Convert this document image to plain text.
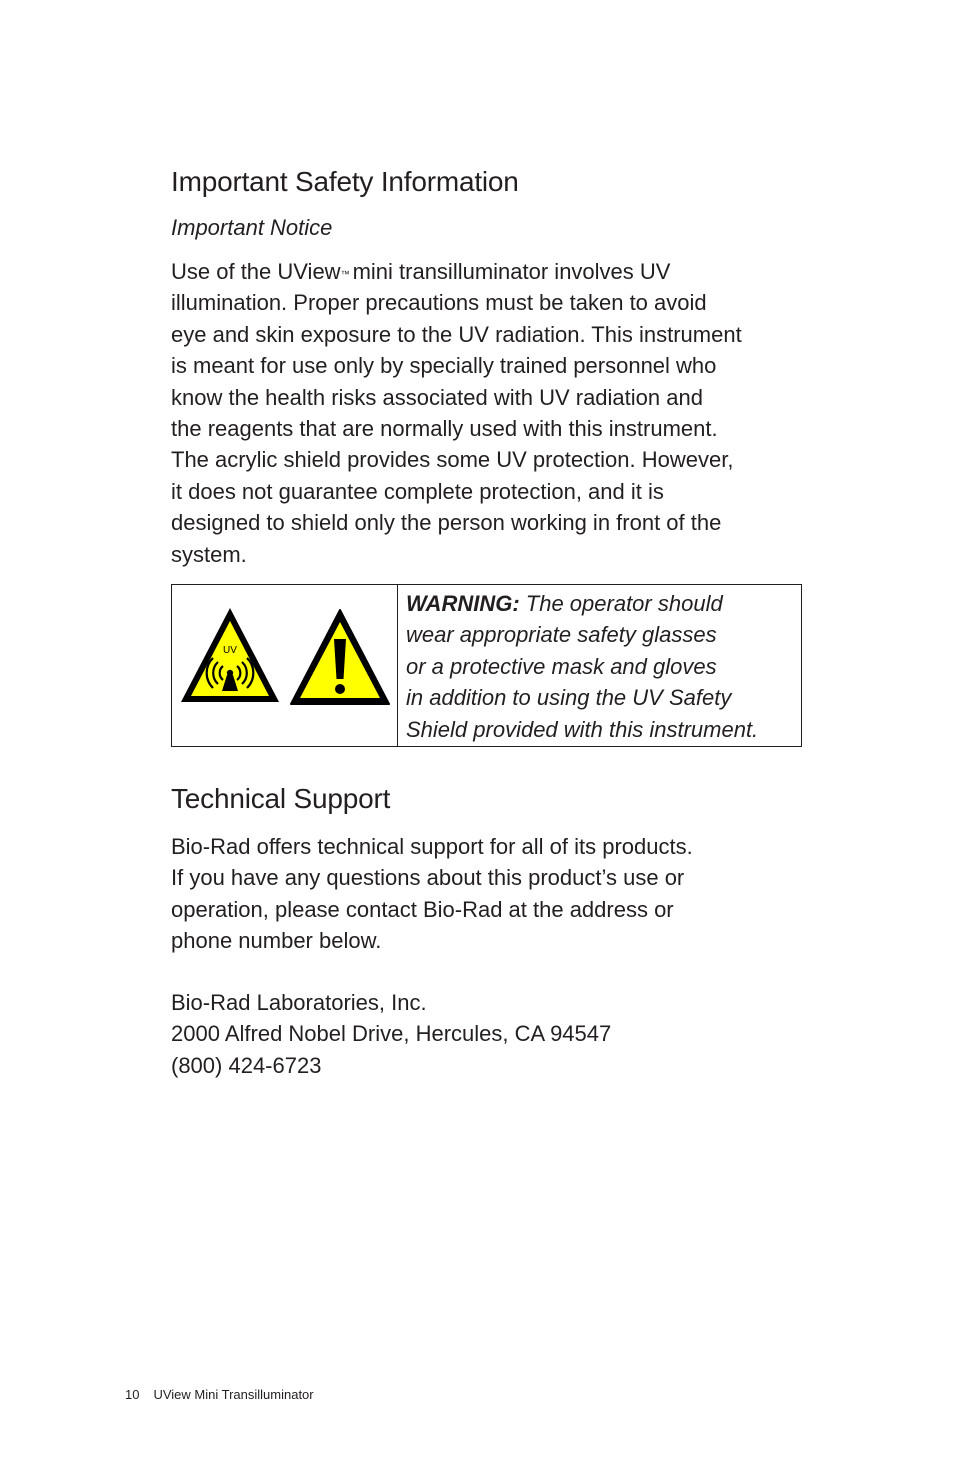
Important Safety Information
Important Notice
Use of the UView™ mini transilluminator involves UV
illumination. Proper precautions must be taken to avoid
eye and skin exposure to the UV radiation. This instrument
is meant for use only by specially trained personnel who
know the health risks associated with UV radiation and
the reagents that are normally used with this instrument.
The acrylic shield provides some UV protection. However,
it does not guarantee complete protection, and it is
designed to shield only the person working in front of the
system.
UV
WARNING: The operator should
wear appropriate safety glasses
or a protective mask and gloves
in addition to using the UV Safety
Shield provided with this instrument.
Technical Support
Bio-Rad offers technical support for all of its products.
If you have any questions about this product’s use or
operation, please contact Bio-Rad at the address or
phone number below.
Bio-Rad Laboratories, Inc.
2000 Alfred Nobel Drive, Hercules, CA 94547
(800) 424-6723
10 UView Mini Transilluminator
